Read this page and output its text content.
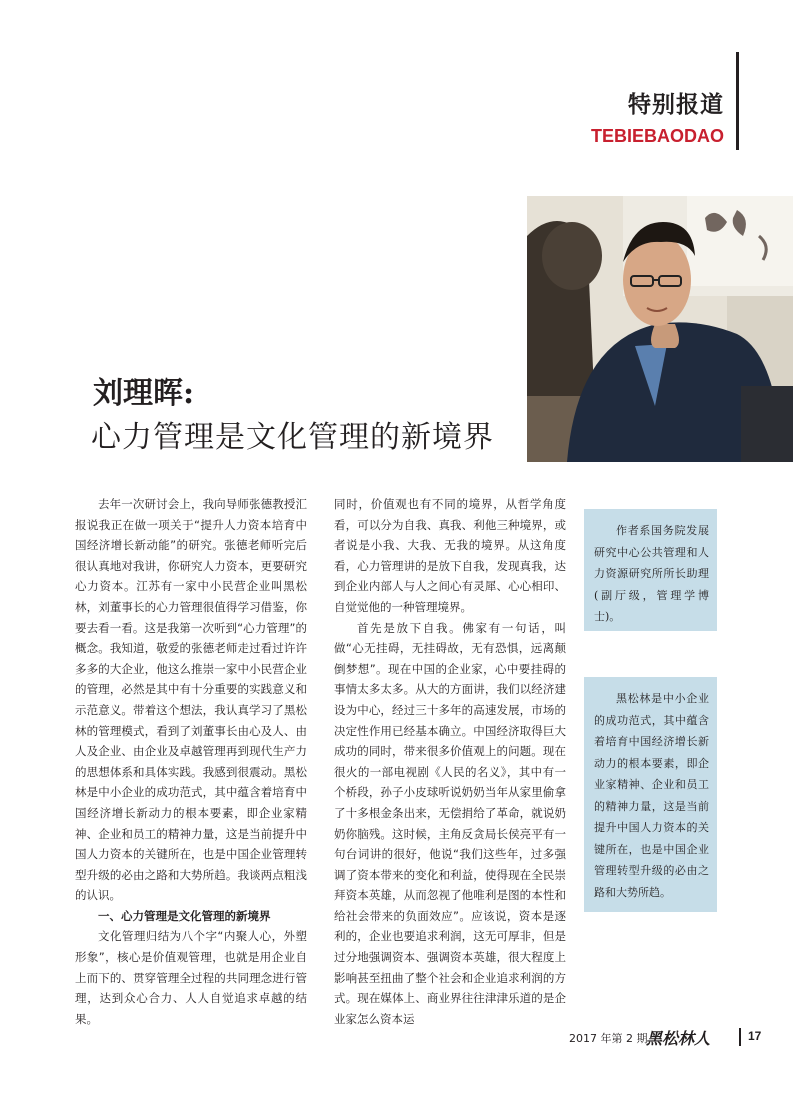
特别报道
TEBIEBAODAO
刘理晖:
心力管理是文化管理的新境界

去年一次研讨会上，我向导师张德教授汇报说我正在做一项关于“提升人力资本培育中国经济增长新动能”的研究。张德老师听完后很认真地对我讲，你研究人力资本，更要研究心力资本。江苏有一家中小民营企业叫黑松林，刘董事长的心力管理很值得学习借鉴，你要去看一看。这是我第一次听到“心力管理”的概念。我知道，敬爱的张德老师走过看过许许多多的大企业，他这么推崇一家中小民营企业的管理，必然是其中有十分重要的实践意义和示范意义。带着这个想法，我认真学习了黑松林的管理模式，看到了刘董事长由心及人、由人及企业、由企业及卓越管理再到现代生产力的思想体系和具体实践。我感到很震动。黑松林是中小企业的成功范式，其中蕴含着培育中国经济增长新动力的根本要素，即企业家精神、企业和员工的精神力量，这是当前提升中国人力资本的关键所在，也是中国企业管理转型升级的必由之路和大势所趋。我谈两点粗浅的认识。

一、心力管理是文化管理的新境界

文化管理归结为八个字“内聚人心，外塑形象”，核心是价值观管理，也就是用企业自上而下的、贯穿管理全过程的共同理念进行管理，达到众心合力、人人自觉追求卓越的结果。

同时，价值观也有不同的境界，从哲学角度看，可以分为自我、真我、利他三种境界，或者说是小我、大我、无我的境界。从这角度看，心力管理讲的是放下自我，发现真我，达到企业内部人与人之间心有灵犀、心心相印、自觉觉他的一种管理境界。

首先是放下自我。佛家有一句话，叫做“心无挂碍，无挂碍故，无有恐惧，远离颠倒梦想”。现在中国的企业家，心中要挂碍的事情太多太多。从大的方面讲，我们以经济建设为中心，经过三十多年的高速发展，市场的决定性作用已经基本确立。中国经济取得巨大成功的同时，带来很多价值观上的问题。现在很火的一部电视剧《人民的名义》，其中有一个桥段，孙子小皮球听说奶奶当年从家里偷拿了十多根金条出来，无偿捐给了革命，就说奶奶你脑残。这时候，主角反贪局长侯亮平有一句台词讲的很好，他说“我们这些年，过多强调了资本带来的变化和利益，使得现在全民崇拜资本英雄，从而忽视了他唯利是图的本性和给社会带来的负面效应”。应该说，资本是逐利的，企业也要追求利润，这无可厚非，但是过分地强调资本、强调资本英雄，很大程度上影响甚至扭曲了整个社会和企业追求利润的方式。现在媒体上、商业界往往津津乐道的是企业家怎么资本运

作者系国务院发展研究中心公共管理和人力资源研究所所长助理(副厅级，管理学博士)。

黑松林是中小企业的成功范式，其中蕴含着培育中国经济增长新动力的根本要素，即企业家精神、企业和员工的精神力量，这是当前提升中国人力资本的关键所在，也是中国企业管理转型升级的必由之路和大势所趋。

2017 年第 2 期
黑松林人	17
